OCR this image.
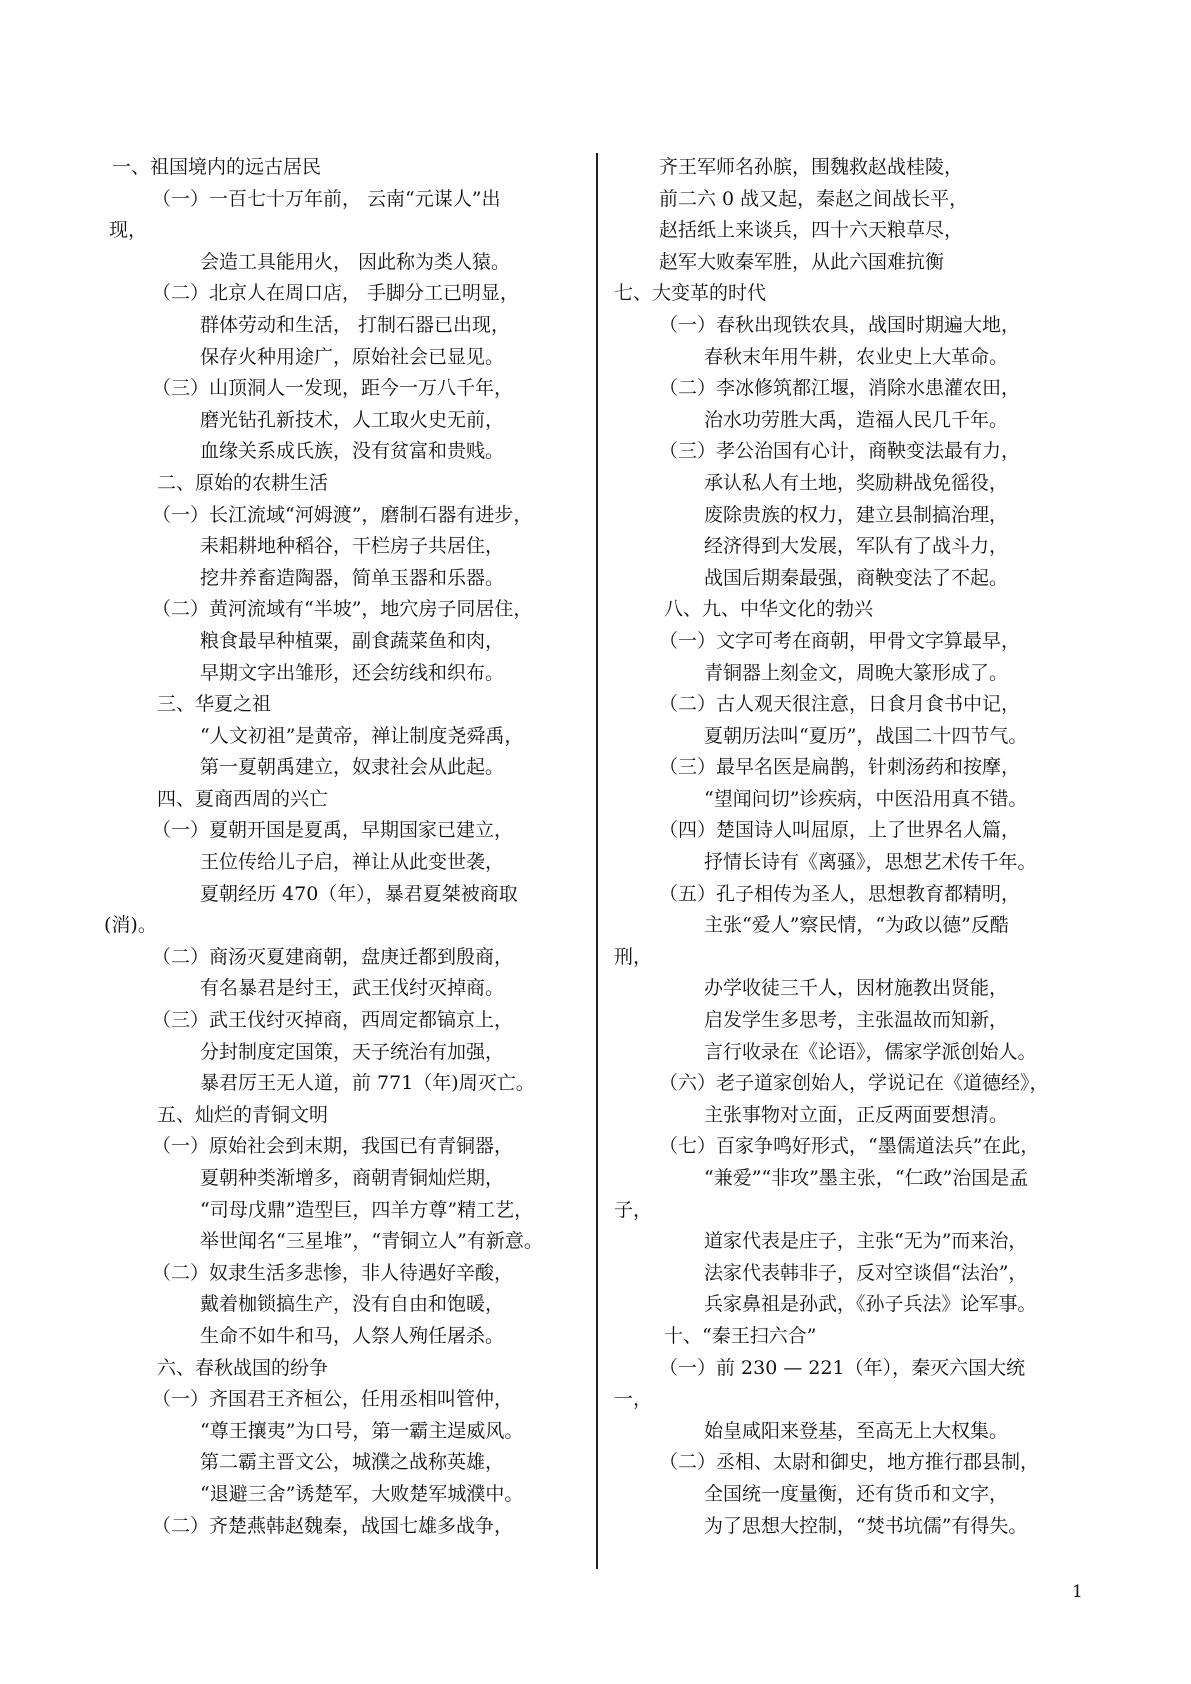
一、祖国境内的远古居民
（一）一百七十万年前， 云南“元谋人”出
现，
会造工具能用火， 因此称为类人猿。
（二）北京人在周口店， 手脚分工已明显，
群体劳动和生活， 打制石器已出现，
保存火种用途广，原始社会已显见。
（三）山顶洞人一发现，距今一万八千年，
磨光钻孔新技术，人工取火史无前，
血缘关系成氏族，没有贫富和贵贱。
二、原始的农耕生活
（一）长江流域“河姆渡”，磨制石器有进步，
耒耜耕地种稻谷，干栏房子共居住，
挖井养畜造陶器，简单玉器和乐器。
（二）黄河流域有“半坡”，地穴房子同居住，
粮食最早种植粟，副食蔬菜鱼和肉，
早期文字出雏形，还会纺线和织布。
三、华夏之祖
“人文初祖”是黄帝，禅让制度尧舜禹，
第一夏朝禹建立，奴隶社会从此起。
四、夏商西周的兴亡
（一）夏朝开国是夏禹，早期国家已建立，
王位传给儿子启，禅让从此变世袭，
夏朝经历 470（年），暴君夏桀被商取
(消)。
（二）商汤灭夏建商朝，盘庚迁都到殷商，
有名暴君是纣王，武王伐纣灭掉商。
（三）武王伐纣灭掉商，西周定都镐京上，
分封制度定国策，天子统治有加强，
暴君厉王无人道，前 771（年)周灭亡。
五、灿烂的青铜文明
（一）原始社会到末期，我国已有青铜器，
夏朝种类渐增多，商朝青铜灿烂期，
“司母戊鼎”造型巨，四羊方尊”精工艺，
举世闻名“三星堆”，“青铜立人”有新意。
（二）奴隶生活多悲惨，非人待遇好辛酸，
戴着枷锁搞生产，没有自由和饱暖，
生命不如牛和马，人祭人殉任屠杀。
六、春秋战国的纷争
（一）齐国君王齐桓公，任用丞相叫管仲，
“尊王攘夷”为口号，第一霸主逞威风。
第二霸主晋文公，城濮之战称英雄，
“退避三舍”诱楚军，大败楚军城濮中。
（二）齐楚燕韩赵魏秦，战国七雄多战争，
齐王军师名孙膑，围魏救赵战桂陵，
前二六 0 战又起，秦赵之间战长平，
赵括纸上来谈兵，四十六天粮草尽，
赵军大败秦军胜，从此六国难抗衡
七、大变革的时代
（一）春秋出现铁农具，战国时期遍大地，
春秋末年用牛耕，农业史上大革命。
（二）李冰修筑都江堰，消除水患灌农田，
治水功劳胜大禹，造福人民几千年。
（三）孝公治国有心计，商鞅变法最有力，
承认私人有土地，奖励耕战免徭役，
废除贵族的权力，建立县制搞治理，
经济得到大发展，军队有了战斗力，
战国后期秦最强，商鞅变法了不起。
八、九、中华文化的勃兴
（一）文字可考在商朝，甲骨文字算最早，
青铜器上刻金文，周晚大篆形成了。
（二）古人观天很注意，日食月食书中记，
夏朝历法叫“夏历”，战国二十四节气。
（三）最早名医是扁鹊，针刺汤药和按摩，
“望闻问切”诊疾病，中医沿用真不错。
（四）楚国诗人叫屈原，上了世界名人篇，
抒情长诗有《离骚》，思想艺术传千年。
（五）孔子相传为圣人，思想教育都精明，
主张“爱人”察民情，“为政以德”反酷
刑，
办学收徒三千人，因材施教出贤能，
启发学生多思考，主张温故而知新，
言行收录在《论语》，儒家学派创始人。
（六）老子道家创始人，学说记在《道德经》，
主张事物对立面，正反两面要想清。
（七）百家争鸣好形式，“墨儒道法兵”在此，
“兼爱”“非攻”墨主张，“仁政”治国是孟
子，
道家代表是庄子，主张“无为”而来治，
法家代表韩非子，反对空谈倡“法治”，
兵家鼻祖是孙武，《孙子兵法》论军事。
十、“秦王扫六合”
（一）前 230 — 221（年），秦灭六国大统
一，
始皇咸阳来登基，至高无上大权集。
（二）丞相、太尉和御史，地方推行郡县制，
全国统一度量衡，还有货币和文字，
为了思想大控制，“焚书坑儒”有得失。
1
